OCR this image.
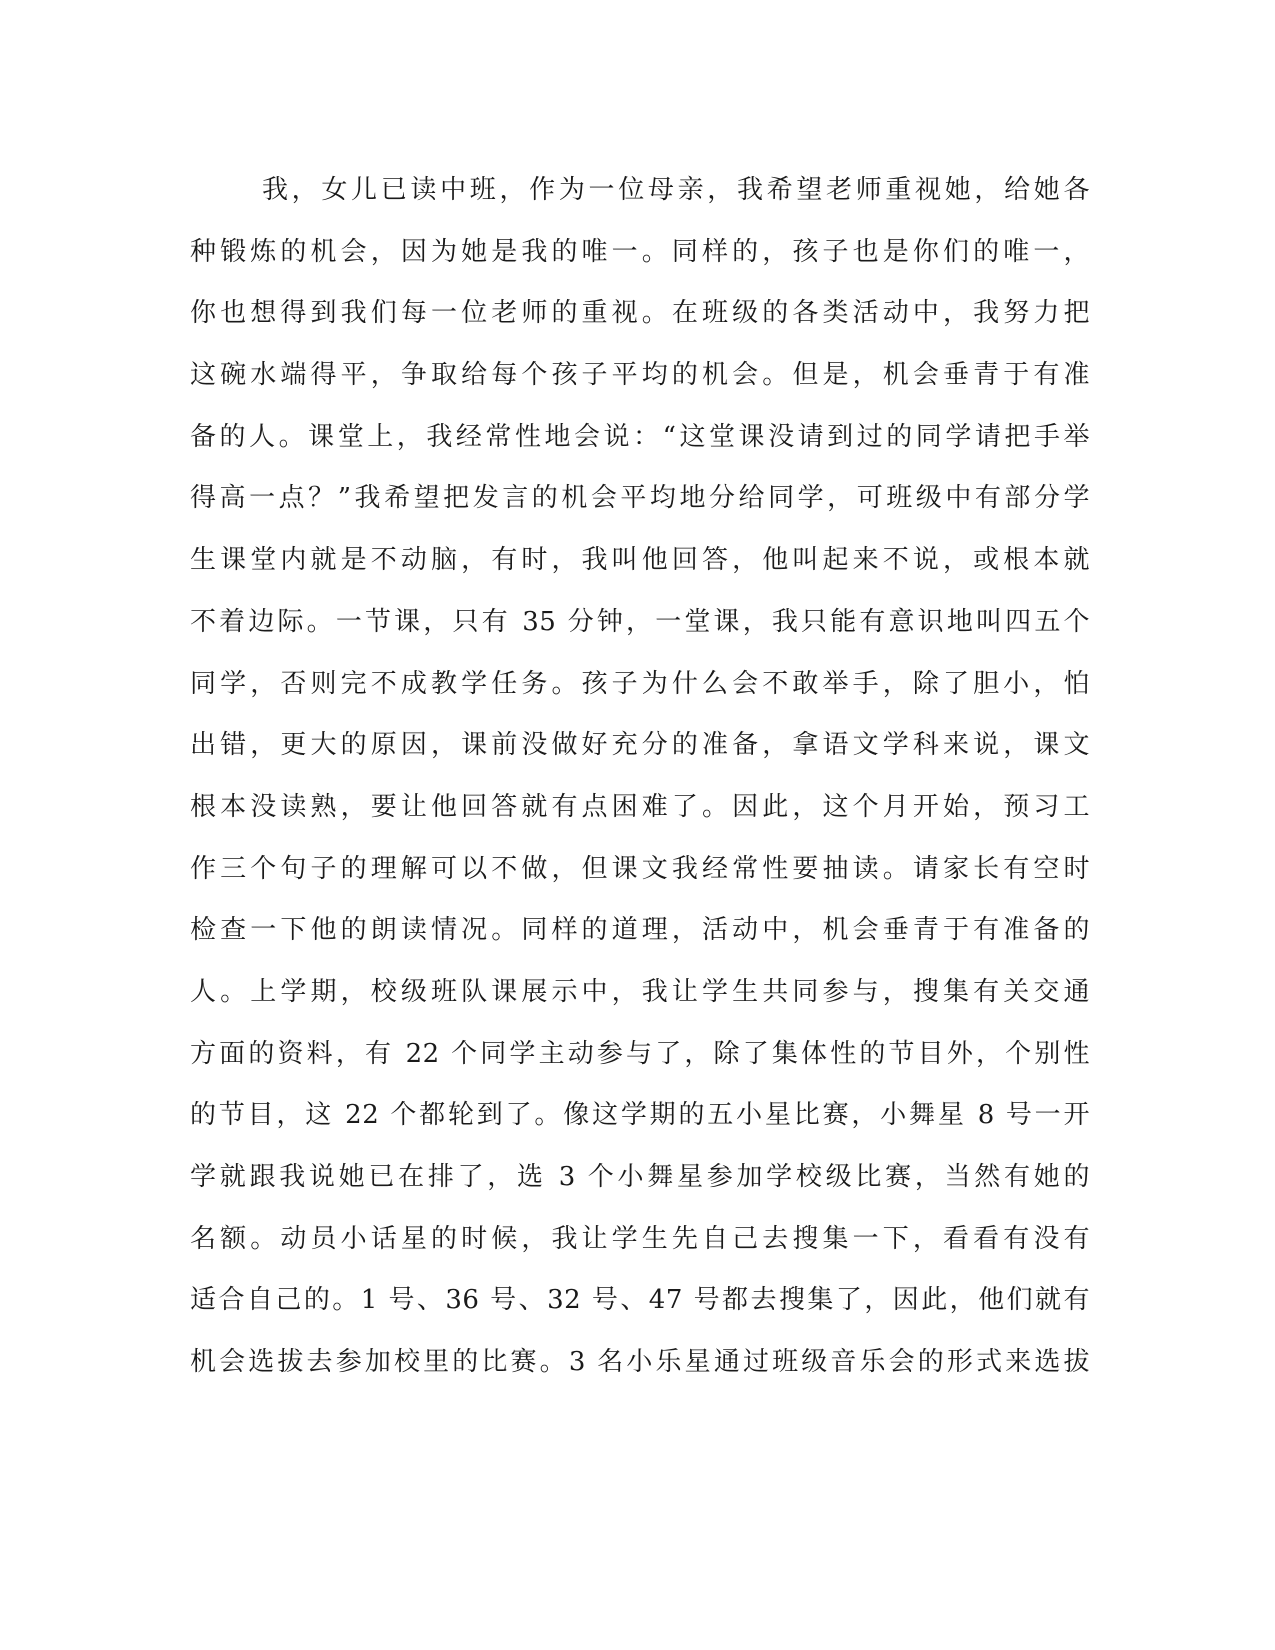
我，女儿已读中班，作为一位母亲，我希望老师重视她，给她各
种锻炼的机会，因为她是我的唯一。同样的，孩子也是你们的唯一，
你也想得到我们每一位老师的重视。在班级的各类活动中，我努力把
这碗水端得平，争取给每个孩子平均的机会。但是，机会垂青于有准
备的人。课堂上，我经常性地会说：“这堂课没请到过的同学请把手举
得高一点？”我希望把发言的机会平均地分给同学，可班级中有部分学
生课堂内就是不动脑，有时，我叫他回答，他叫起来不说，或根本就
不着边际。一节课，只有 35 分钟，一堂课，我只能有意识地叫四五个
同学，否则完不成教学任务。孩子为什么会不敢举手，除了胆小，怕
出错，更大的原因，课前没做好充分的准备，拿语文学科来说，课文
根本没读熟，要让他回答就有点困难了。因此，这个月开始，预习工
作三个句子的理解可以不做，但课文我经常性要抽读。请家长有空时
检查一下他的朗读情况。同样的道理，活动中，机会垂青于有准备的
人。上学期，校级班队课展示中，我让学生共同参与，搜集有关交通
方面的资料，有 22 个同学主动参与了，除了集体性的节目外，个别性
的节目，这 22 个都轮到了。像这学期的五小星比赛，小舞星 8 号一开
学就跟我说她已在排了，选 3 个小舞星参加学校级比赛，当然有她的
名额。动员小话星的时候，我让学生先自己去搜集一下，看看有没有
适合自己的。1 号、36 号、32 号、47 号都去搜集了，因此，他们就有
机会选拔去参加校里的比赛。3 名小乐星通过班级音乐会的形式来选拔
